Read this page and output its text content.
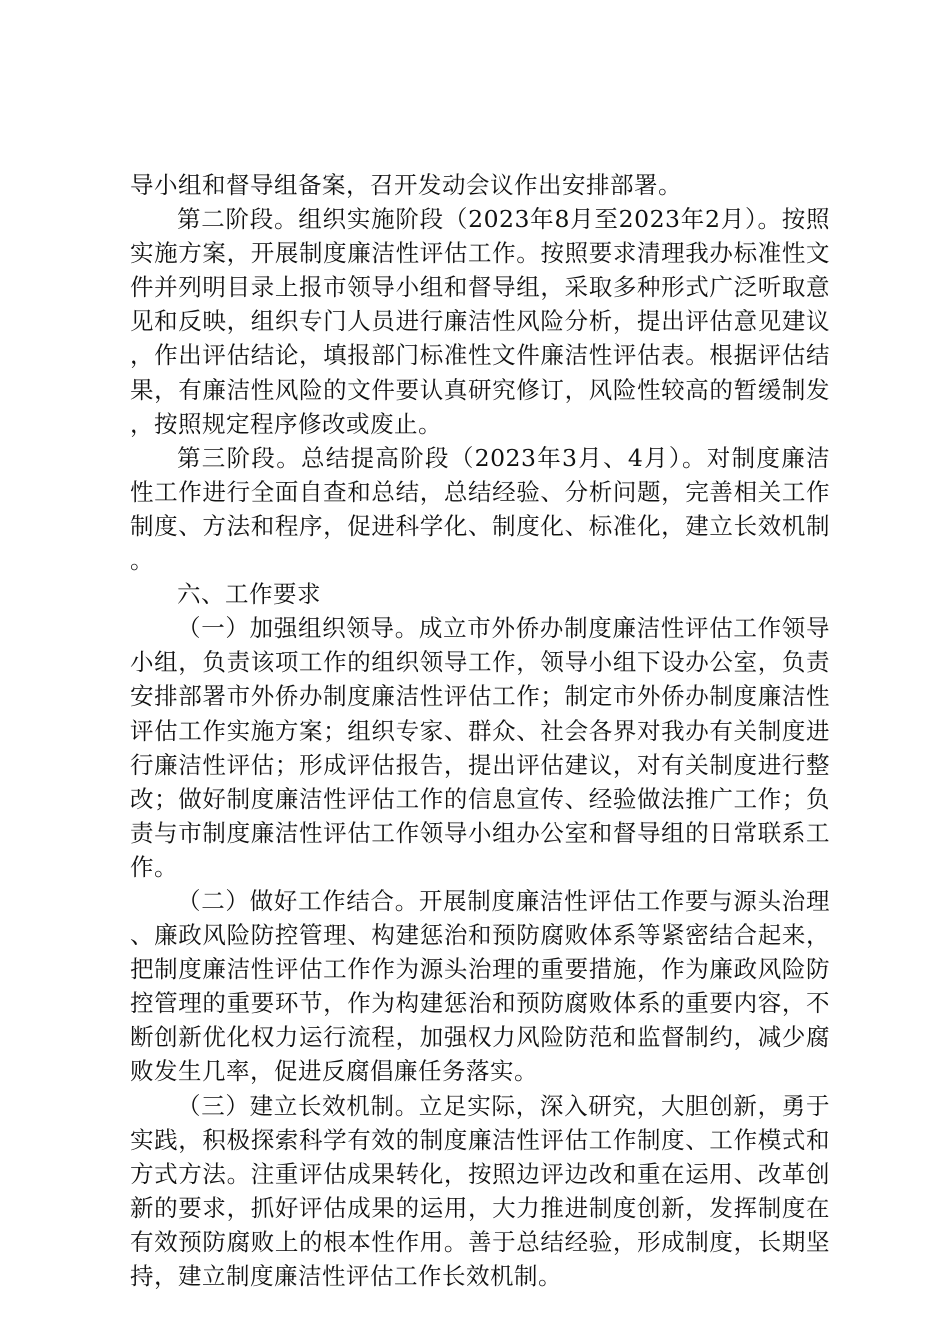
导小组和督导组备案，召开发动会议作出安排部署。

第二阶段。组织实施阶段（2023年8月至2023年2月）。按照实施方案，开展制度廉洁性评估工作。按照要求清理我办标准性文件并列明目录上报市领导小组和督导组，采取多种形式广泛听取意见和反映，组织专门人员进行廉洁性风险分析，提出评估意见建议，作出评估结论，填报部门标准性文件廉洁性评估表。根据评估结果，有廉洁性风险的文件要认真研究修订，风险性较高的暂缓制发，按照规定程序修改或废止。

第三阶段。总结提高阶段（2023年3月、4月）。对制度廉洁性工作进行全面自查和总结，总结经验、分析问题，完善相关工作制度、方法和程序，促进科学化、制度化、标准化，建立长效机制。

六、工作要求

（一）加强组织领导。成立市外侨办制度廉洁性评估工作领导小组，负责该项工作的组织领导工作，领导小组下设办公室，负责安排部署市外侨办制度廉洁性评估工作；制定市外侨办制度廉洁性评估工作实施方案；组织专家、群众、社会各界对我办有关制度进行廉洁性评估；形成评估报告，提出评估建议，对有关制度进行整改；做好制度廉洁性评估工作的信息宣传、经验做法推广工作；负责与市制度廉洁性评估工作领导小组办公室和督导组的日常联系工作。

（二）做好工作结合。开展制度廉洁性评估工作要与源头治理、廉政风险防控管理、构建惩治和预防腐败体系等紧密结合起来，把制度廉洁性评估工作作为源头治理的重要措施，作为廉政风险防控管理的重要环节，作为构建惩治和预防腐败体系的重要内容，不断创新优化权力运行流程，加强权力风险防范和监督制约，减少腐败发生几率，促进反腐倡廉任务落实。

（三）建立长效机制。立足实际，深入研究，大胆创新，勇于实践，积极探索科学有效的制度廉洁性评估工作制度、工作模式和方式方法。注重评估成果转化，按照边评边改和重在运用、改革创新的要求，抓好评估成果的运用，大力推进制度创新，发挥制度在有效预防腐败上的根本性作用。善于总结经验，形成制度，长期坚持，建立制度廉洁性评估工作长效机制。
